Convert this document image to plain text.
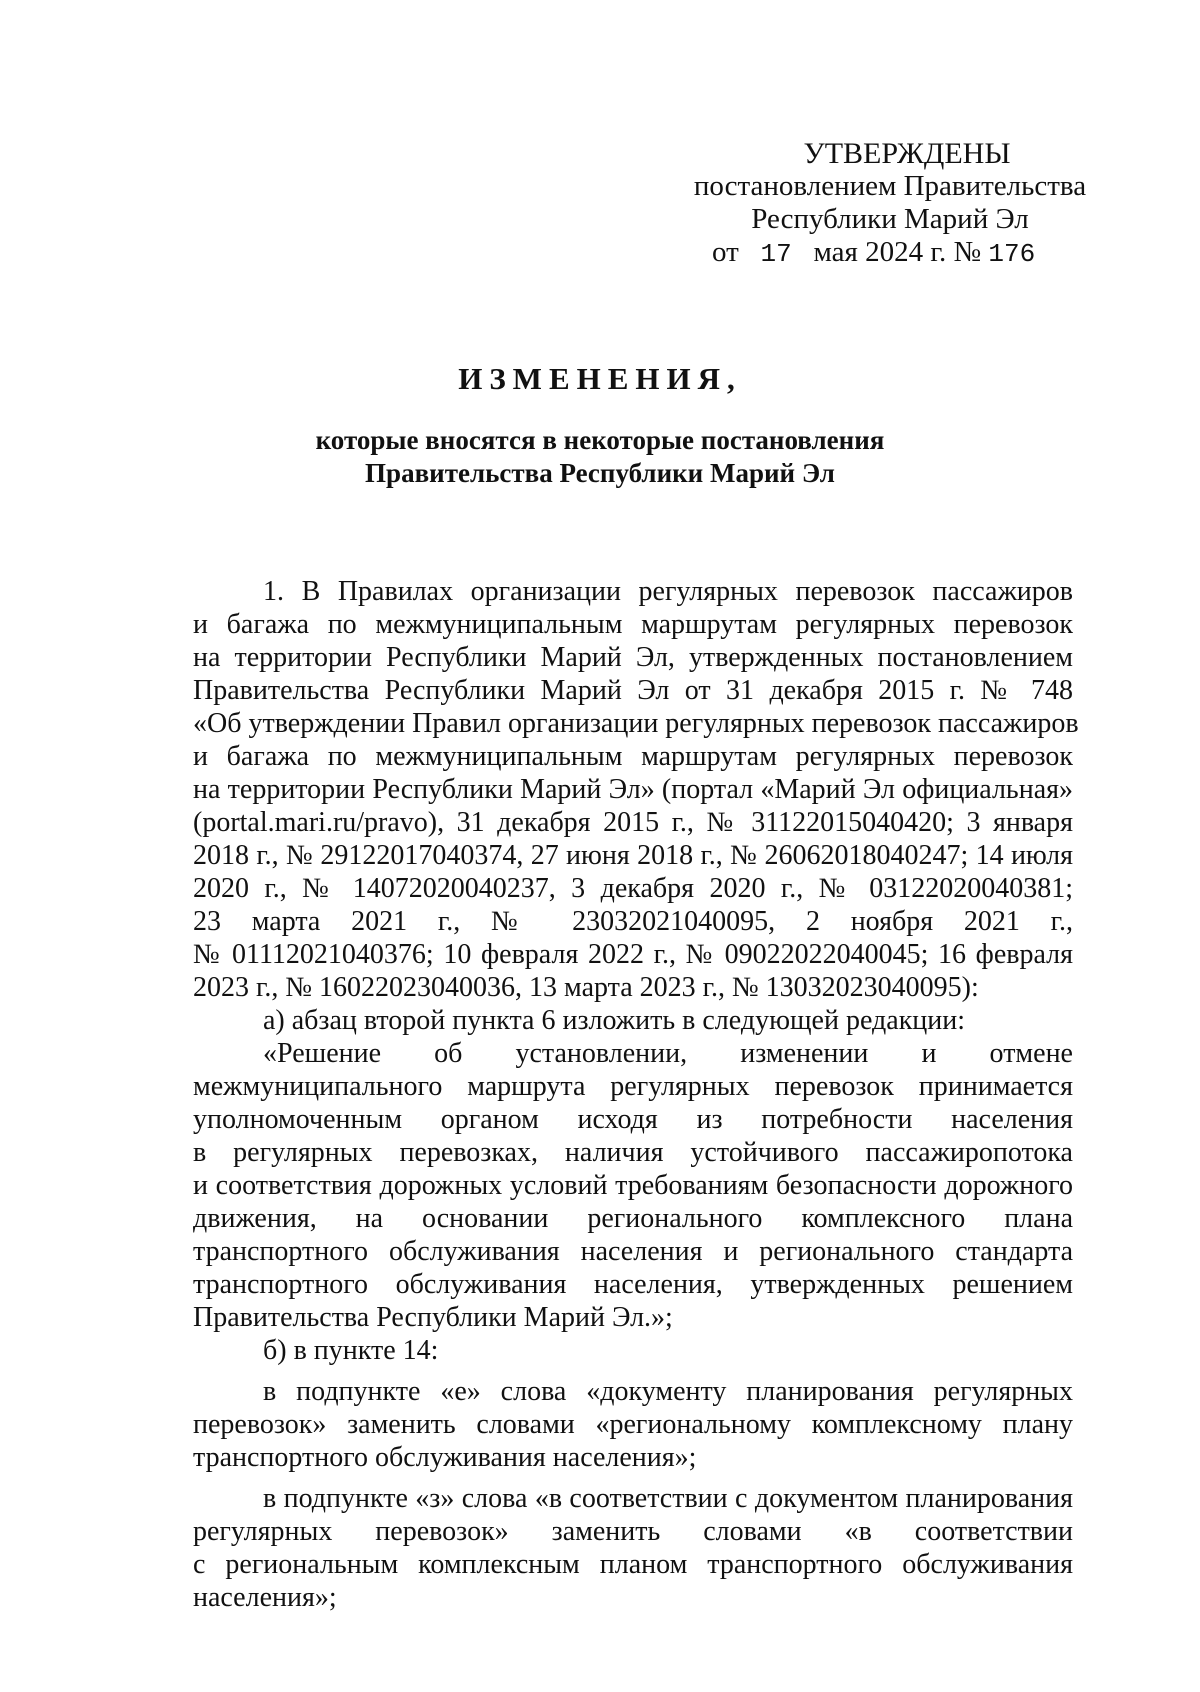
УТВЕРЖДЕНЫ
постановлением Правительства
Республики Марий Эл
от 17 мая 2024 г. № 176
ИЗМЕНЕНИЯ,
которые вносятся в некоторые постановления
Правительства Республики Марий Эл
1. В Правилах организации регулярных перевозок пассажиров
и багажа по межмуниципальным маршрутам регулярных перевозок
на территории Республики Марий Эл, утвержденных постановлением
Правительства Республики Марий Эл от 31 декабря 2015 г. № 748
«Об утверждении Правил организации регулярных перевозок пассажиров
и багажа по межмуниципальным маршрутам регулярных перевозок
на территории Республики Марий Эл» (портал «Марий Эл официальная»
(portal.mari.ru/pravo), 31 декабря 2015 г., № 31122015040420; 3 января
2018 г., № 29122017040374, 27 июня 2018 г., № 26062018040247; 14 июля
2020 г., № 14072020040237, 3 декабря 2020 г., № 03122020040381;
23 марта 2021 г., № 23032021040095, 2 ноября 2021 г.,
№ 01112021040376; 10 февраля 2022 г., № 09022022040045; 16 февраля
2023 г., № 16022023040036, 13 марта 2023 г., № 13032023040095):
а) абзац второй пункта 6 изложить в следующей редакции:
«Решение об установлении, изменении и отмене
межмуниципального маршрута регулярных перевозок принимается
уполномоченным органом исходя из потребности населения
в регулярных перевозках, наличия устойчивого пассажиропотока
и соответствия дорожных условий требованиям безопасности дорожного
движения, на основании регионального комплексного плана
транспортного обслуживания населения и регионального стандарта
транспортного обслуживания населения, утвержденных решением
Правительства Республики Марий Эл.»;
б) в пункте 14:
в подпункте «е» слова «документу планирования регулярных
перевозок» заменить словами «региональному комплексному плану
транспортного обслуживания населения»;
в подпункте «з» слова «в соответствии с документом планирования
регулярных перевозок» заменить словами «в соответствии
с региональным комплексным планом транспортного обслуживания
населения»;
